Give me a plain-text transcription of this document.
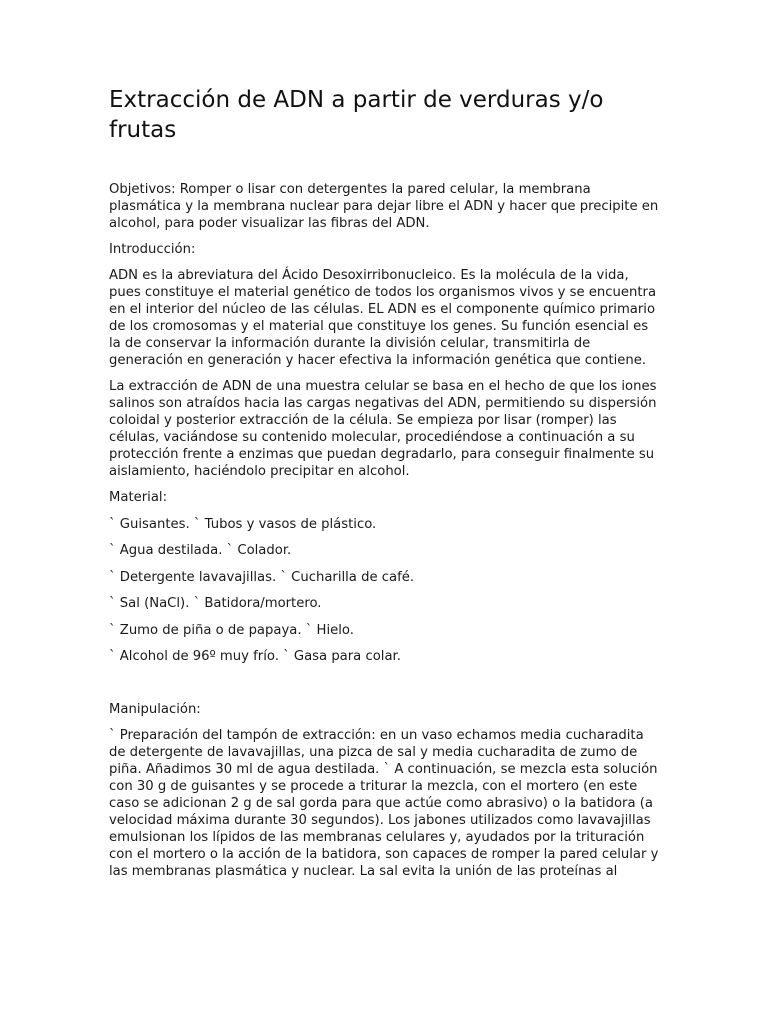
Extracción de ADN a partir de verduras y/o frutas

Objetivos: Romper o lisar con detergentes la pared celular, la membrana plasmática y la membrana nuclear para dejar libre el ADN y hacer que precipite en alcohol, para poder visualizar las fibras del ADN.

Introducción:

ADN es la abreviatura del Ácido Desoxirribonucleico. Es la molécula de la vida, pues constituye el material genético de todos los organismos vivos y se encuentra en el interior del núcleo de las células. EL ADN es el componente químico primario de los cromosomas y el material que constituye los genes. Su función esencial es la de conservar la información durante la división celular, transmitirla de generación en generación y hacer efectiva la información genética que contiene.

La extracción de ADN de una muestra celular se basa en el hecho de que los iones salinos son atraídos hacia las cargas negativas del ADN, permitiendo su dispersión coloidal y posterior extracción de la célula. Se empieza por lisar (romper) las células, vaciándose su contenido molecular, procediéndose a continuación a su protección frente a enzimas que puedan degradarlo, para conseguir finalmente su aislamiento, haciéndolo precipitar en alcohol.

Material:

` Guisantes. ` Tubos y vasos de plástico.

` Agua destilada. ` Colador.

` Detergente lavavajillas. ` Cucharilla de café.

` Sal (NaCl). ` Batidora/mortero.

` Zumo de piña o de papaya. ` Hielo.

` Alcohol de 96º muy frío. ` Gasa para colar.

Manipulación:

` Preparación del tampón de extracción: en un vaso echamos media cucharadita de detergente de lavavajillas, una pizca de sal y media cucharadita de zumo de piña. Añadimos 30 ml de agua destilada. ` A continuación, se mezcla esta solución con 30 g de guisantes y se procede a triturar la mezcla, con el mortero (en este caso se adicionan 2 g de sal gorda para que actúe como abrasivo) o la batidora (a velocidad máxima durante 30 segundos). Los jabones utilizados como lavavajillas emulsionan los lípidos de las membranas celulares y, ayudados por la trituración con el mortero o la acción de la batidora, son capaces de romper la pared celular y las membranas plasmática y nuclear. La sal evita la unión de las proteínas al
